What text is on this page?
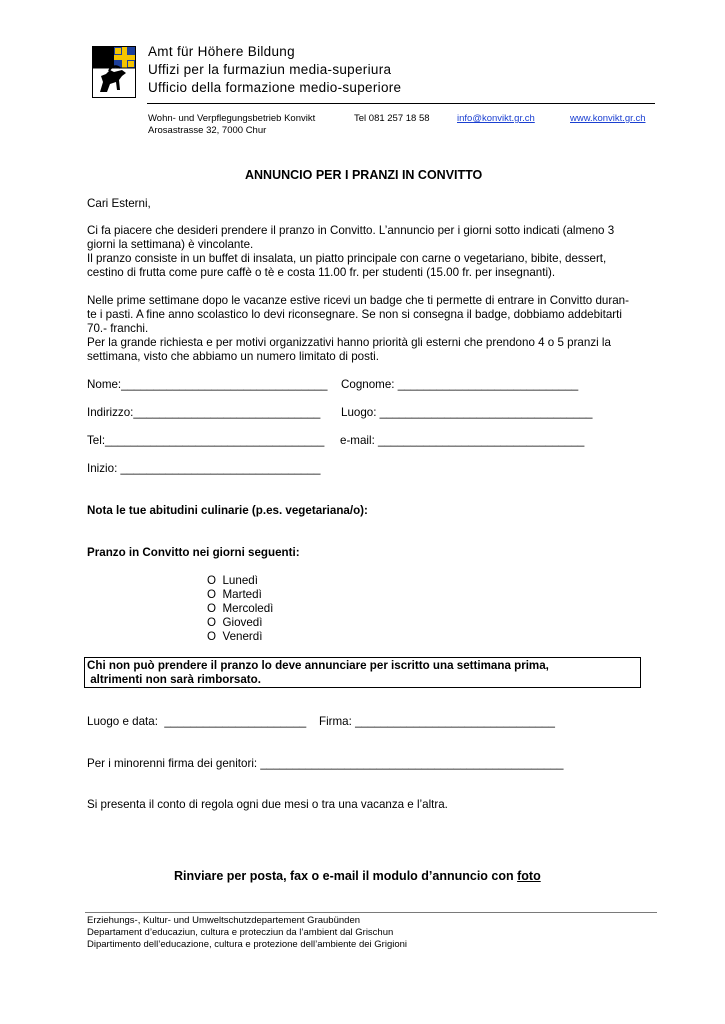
Amt für Höhere Bildung
Uffizi per la furmaziun media-superiura
Ufficio della formazione medio-superiore
Wohn- und Verpflegungsbetrieb Konvikt
Arosastrasse 32, 7000 Chur
Tel 081 257 18 58	info@konvikt.gr.ch	www.konvikt.gr.ch
ANNUNCIO PER I PRANZI IN CONVITTO
Cari Esterni,
Ci fa piacere che desideri prendere il pranzo in Convitto. L’annuncio per i giorni sotto indicati (almeno 3
giorni la settimana) è vincolante.
Il pranzo consiste in un buffet di insalata, un piatto principale con carne o vegetariano, bibite, dessert,
cestino di frutta come pure caffè o tè e costa 11.00 fr. per studenti (15.00 fr. per insegnanti).
Nelle prime settimane dopo le vacanze estive ricevi un badge che ti permette di entrare in Convitto duran-
te i pasti. A fine anno scolastico lo devi riconsegnare. Se non si consegna il badge, dobbiamo addebitarti
70.- franchi.
Per la grande richiesta e per motivi organizzativi hanno priorità gli esterni che prendono 4 o 5 pranzi la
settimana, visto che abbiamo un numero limitato di posti.
Nome:________________________________ Cognome: ____________________________
Indirizzo:_____________________________ Luogo: _________________________________
Tel:__________________________________ e-mail: ________________________________
Inizio: _______________________________
Nota le tue abitudini culinarie (p.es. vegetariana/o):
Pranzo in Convitto nei giorni seguenti:
O Lunedì
O Martedì
O Mercoledì
O Giovedì
O Venerdì
Chi non può prendere il pranzo lo deve annunciare per iscritto una settimana prima,
altrimenti non sarà rimborsato.
Luogo e data:  ______________________ Firma: _______________________________
Per i minorenni firma dei genitori: _______________________________________________
Si presenta il conto di regola ogni due mesi o tra una vacanza e l’altra.
Rinviare per posta, fax o e-mail il modulo d’annuncio con foto
Erziehungs-, Kultur- und Umweltschutzdepartement Graubünden
Departament d’educaziun, cultura e protecziun da l’ambient dal Grischun
Dipartimento dell’educazione, cultura e protezione dell’ambiente dei Grigioni
